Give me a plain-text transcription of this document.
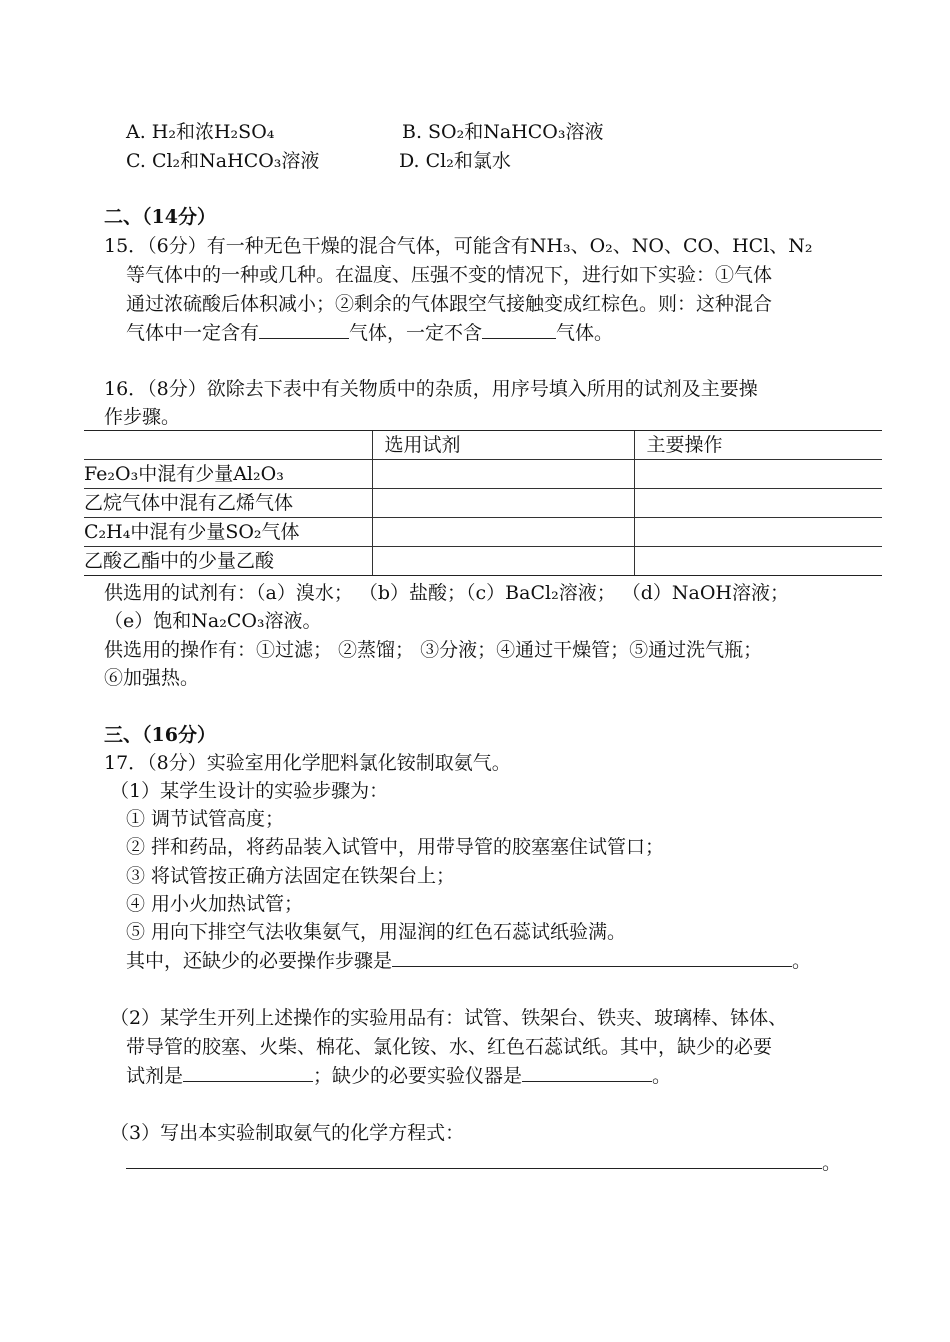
A. H₂和浓H₂SO₄	B. SO₂和NaHCO₃溶液
C. Cl₂和NaHCO₃溶液	D. Cl₂和氯水
二、（14分）
15．（6分）有一种无色干燥的混合气体，可能含有NH₃、O₂、NO、CO、HCl、N₂
等气体中的一种或几种。在温度、压强不变的情况下，进行如下实验：①气体
通过浓硫酸后体积减小；②剩余的气体跟空气接触变成红棕色。则：这种混合
气体中一定含有	气体，一定不含	气体。
16．（8分）欲除去下表中有关物质中的杂质，用序号填入所用的试剂及主要操
作步骤。
	选用试剂	主要操作
Fe₂O₃中混有少量Al₂O₃		
乙烷气体中混有乙烯气体		
C₂H₄中混有少量SO₂气体		
乙酸乙酯中的少量乙酸		
供选用的试剂有：（a）溴水； （b）盐酸；（c）BaCl₂溶液； （d）NaOH溶液；
（e）饱和Na₂CO₃溶液。
供选用的操作有：①过滤； ②蒸馏； ③分液；④通过干燥管；⑤通过洗气瓶；
⑥加强热。
三、（16分）
17．（8分）实验室用化学肥料氯化铵制取氨气。
（1）某学生设计的实验步骤为：
① 调节试管高度；
② 拌和药品，将药品装入试管中，用带导管的胶塞塞住试管口；
③ 将试管按正确方法固定在铁架台上；
④ 用小火加热试管；
⑤ 用向下排空气法收集氨气，用湿润的红色石蕊试纸验满。
其中，还缺少的必要操作步骤是	。
（2）某学生开列上述操作的实验用品有：试管、铁架台、铁夹、玻璃棒、钵体、
带导管的胶塞、火柴、棉花、氯化铵、水、红色石蕊试纸。其中，缺少的必要
试剂是	；缺少的必要实验仪器是	。
（3）写出本实验制取氨气的化学方程式：
。
